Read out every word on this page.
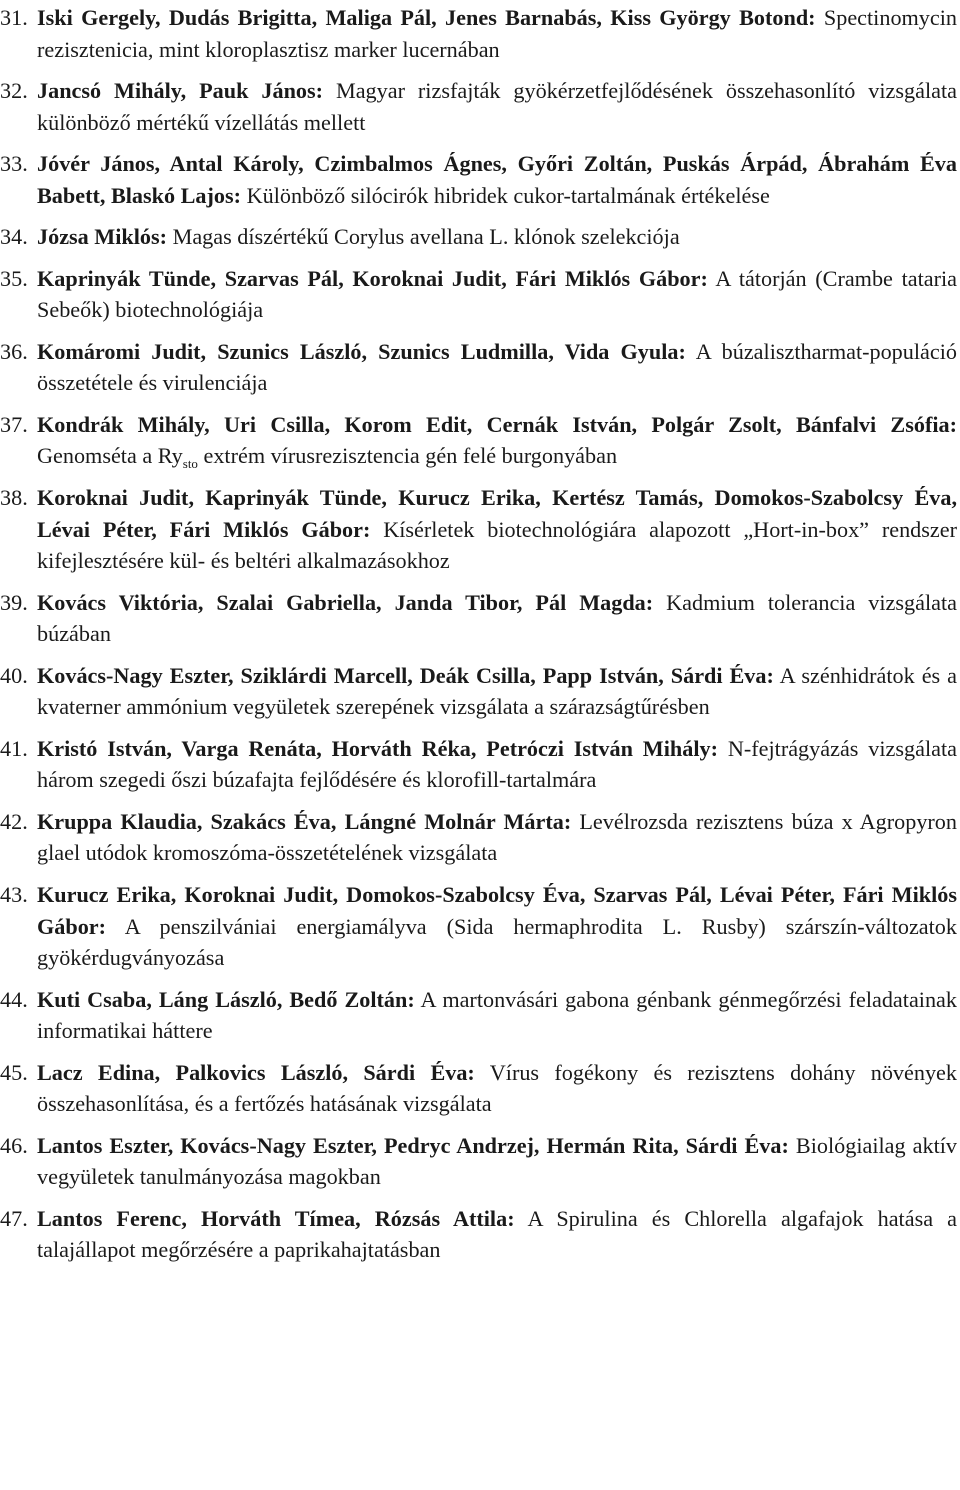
31. Iski Gergely, Dudás Brigitta, Maliga Pál, Jenes Barnabás, Kiss György Botond: Spectinomycin rezisztenicia, mint kloroplasztisz marker lucernában
32. Jancsó Mihály, Pauk János: Magyar rizsfajták gyökérzetfejlődésének összehasonlító vizsgálata különböző mértékű vízellátás mellett
33. Jóvér János, Antal Károly, Czimbalmos Ágnes, Győri Zoltán, Puskás Árpád, Ábrahám Éva Babett, Blaskó Lajos: Különböző silócirók hibridek cukor-tartalmának értékelése
34. Józsa Miklós: Magas díszértékű Corylus avellana L. klónok szelekciója
35. Kaprinyák Tünde, Szarvas Pál, Koroknai Judit, Fári Miklós Gábor: A tátorján (Crambe tataria Sebeők) biotechnológiája
36. Komáromi Judit, Szunics László, Szunics Ludmilla, Vida Gyula: A búzalisztharmat-populáció összetétele és virulenciája
37. Kondrák Mihály, Uri Csilla, Korom Edit, Cernák István, Polgár Zsolt, Bánfalvi Zsófia: Genomséta a $Ry_{sto}$ extrém vírusrezisztencia gén felé burgonyában
38. Koroknai Judit, Kaprinyák Tünde, Kurucz Erika, Kertész Tamás, Domokos-Szabolcsy Éva, Lévai Péter, Fári Miklós Gábor: Kísérletek biotechnológiára alapozott „Hort-in-box” rendszer kifejlesztésére kül- és beltéri alkalmazásokhoz
39. Kovács Viktória, Szalai Gabriella, Janda Tibor, Pál Magda: Kadmium tolerancia vizsgálata búzában
40. Kovács-Nagy Eszter, Sziklárdi Marcell, Deák Csilla, Papp István, Sárdi Éva: A szénhidrátok és a kvaterner ammónium vegyületek szerepének vizsgálata a szárazságtűrésben
41. Kristó István, Varga Renáta, Horváth Réka, Petróczi István Mihály: N-fejtrágyázás vizsgálata három szegedi őszi búzafajta fejlődésére és klorofill-tartalmára
42. Kruppa Klaudia, Szakács Éva, Lángné Molnár Márta: Levélrozsda rezisztens búza x Agropyron glael utódok kromoszóma-összetételének vizsgálata
43. Kurucz Erika, Koroknai Judit, Domokos-Szabolcsy Éva, Szarvas Pál, Lévai Péter, Fári Miklós Gábor: A penszilvániai energiamályva (Sida hermaphrodita L. Rusby) szárszín-változatok gyökérdugványozása
44. Kuti Csaba, Láng László, Bedő Zoltán: A martonvásári gabona génbank génmegőrzési feladatainak informatikai háttere
45. Lacz Edina, Palkovics László, Sárdi Éva: Vírus fogékony és rezisztens dohány növények összehasonlítása, és a fertőzés hatásának vizsgálata
46. Lantos Eszter, Kovács-Nagy Eszter, Pedryc Andrzej, Hermán Rita, Sárdi Éva: Biológiailag aktív vegyületek tanulmányozása magokban
47. Lantos Ferenc, Horváth Tímea, Rózsás Attila: A Spirulina és Chlorella algafajok hatása a talajállapot megőrzésére a paprikahajtatásban
